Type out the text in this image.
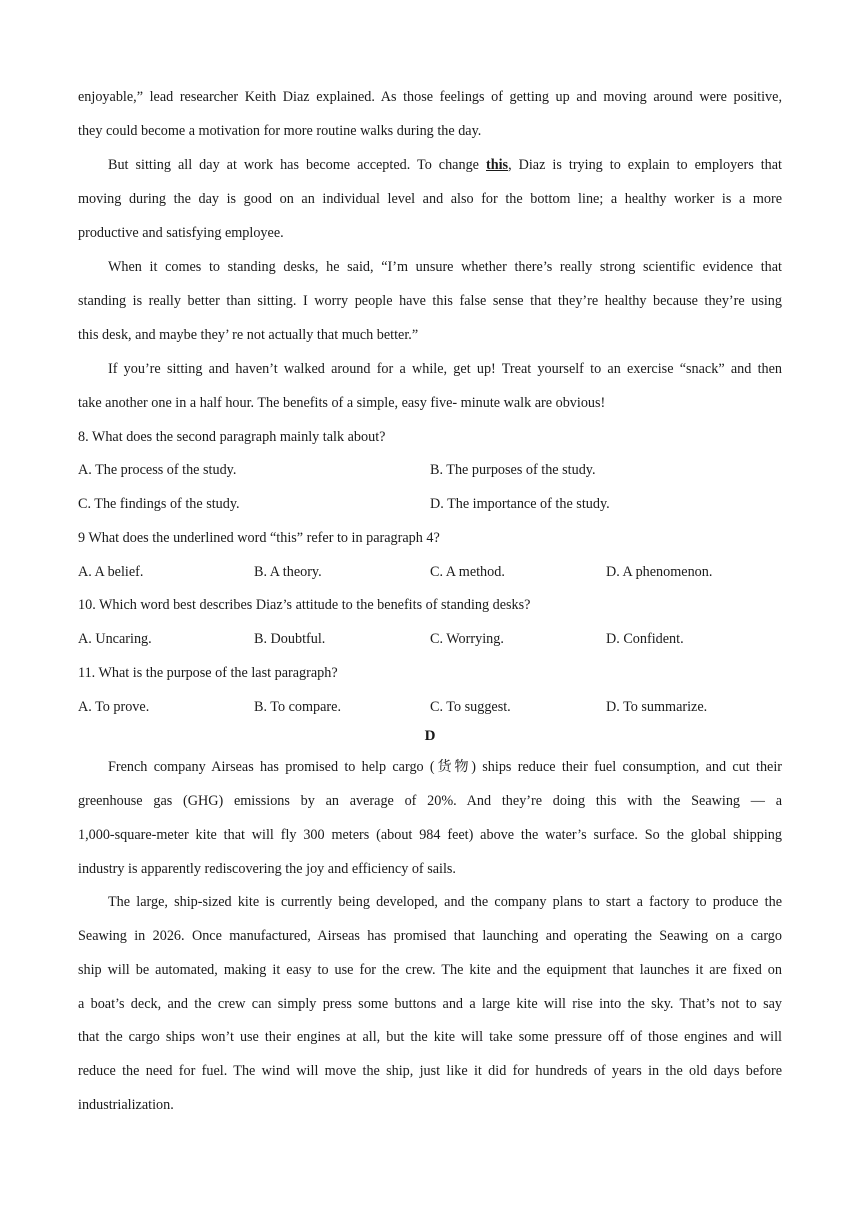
enjoyable,” lead researcher Keith Diaz explained. As those feelings of getting up and moving around were positive,
they could become a motivation for more routine walks during the day.
But sitting all day at work has become accepted. To change this, Diaz is trying to explain to employers that
moving during the day is good on an individual level and also for the bottom line; a healthy worker is a more
productive and satisfying employee.
When it comes to standing desks, he said, “I’m unsure whether there’s really strong scientific evidence that
standing is really better than sitting. I worry people have this false sense that they’re healthy because they’re using
this desk, and maybe they’ re not actually that much better.”
If you’re sitting and haven’t walked around for a while, get up! Treat yourself to an exercise “snack” and then
take another one in a half hour. The benefits of a simple, easy five- minute walk are obvious!
8. What does the second paragraph mainly talk about?
A. The process of the study.	B. The purposes of the study.
C. The findings of the study.	D. The importance of the study.
9 What does the underlined word “this” refer to in paragraph 4?
A. A belief.	B. A theory.	C. A method.	D. A phenomenon.
10. Which word best describes Diaz’s attitude to the benefits of standing desks?
A. Uncaring.	B. Doubtful.	C. Worrying.	D. Confident.
11. What is the purpose of the last paragraph?
A. To prove.	B. To compare.	C. To suggest.	D. To summarize.
D
French company Airseas has promised to help cargo (货物) ships reduce their fuel consumption, and cut their
greenhouse gas (GHG) emissions by an average of 20%. And they’re doing this with the Seawing — a
1,000-square-meter kite that will fly 300 meters (about 984 feet) above the water’s surface. So the global shipping
industry is apparently rediscovering the joy and efficiency of sails.
The large, ship-sized kite is currently being developed, and the company plans to start a factory to produce the
Seawing in 2026. Once manufactured, Airseas has promised that launching and operating the Seawing on a cargo
ship will be automated, making it easy to use for the crew. The kite and the equipment that launches it are fixed on
a boat’s deck, and the crew can simply press some buttons and a large kite will rise into the sky. That’s not to say
that the cargo ships won’t use their engines at all, but the kite will take some pressure off of those engines and will
reduce the need for fuel. The wind will move the ship, just like it did for hundreds of years in the old days before
industrialization.
